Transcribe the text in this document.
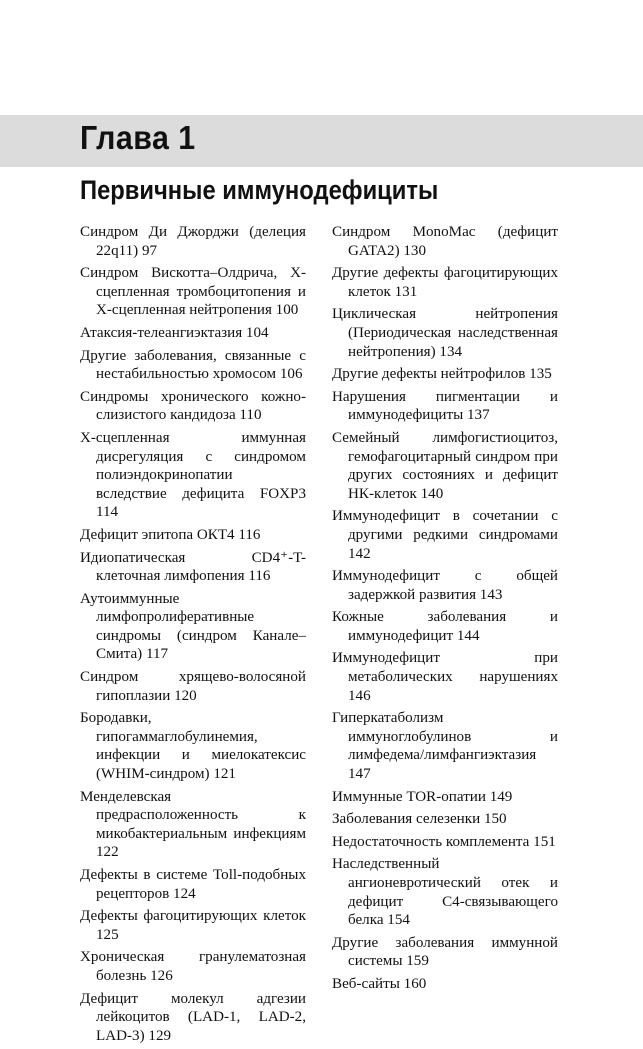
Глава 1
Первичные иммунодефициты

Синдром Ди Джорджи (делеция 22q11) 97

Синдром Вискотта–Олдрича, Х-сцепленная тромбоцитопения и Х-сцепленная нейтропения 100

Атаксия-телеангиэктазия 104

Другие заболевания, связанные с нестабильностью хромосом 106

Синдромы хронического кожно-слизистого кандидоза 110

Х-сцепленная иммунная дисрегуляция с синдромом полиэндокринопатии вследствие дефицита FOXP3 114

Дефицит эпитопа ОКТ4 116

Идиопатическая CD4⁺-T-клеточная лимфопения 116

Аутоиммунные лимфопролиферативные синдромы (синдром Канале–Смита) 117

Синдром хрящево-волосяной гипоплазии 120

Бородавки, гипогаммаглобулинемия, инфекции и миелокатексис (WHIM-синдром) 121

Менделевская предрасположенность к микобактериальным инфекциям 122

Дефекты в системе Toll-подобных рецепторов 124

Дефекты фагоцитирующих клеток 125

Хроническая гранулематозная болезнь 126

Дефицит молекул адгезии лейкоцитов (LAD-1, LAD-2, LAD-3) 129

Синдром MonoMac (дефицит GATA2) 130

Другие дефекты фагоцитирующих клеток 131

Циклическая нейтропения (Периодическая наследственная нейтропения) 134

Другие дефекты нейтрофилов 135

Нарушения пигментации и иммунодефициты 137

Семейный лимфогистиоцитоз, гемофагоцитарный синдром при других состояниях и дефицит НК-клеток 140

Иммунодефицит в сочетании с другими редкими синдромами 142

Иммунодефицит с общей задержкой развития 143

Кожные заболевания и иммунодефицит 144

Иммунодефицит при метаболических нарушениях 146

Гиперкатаболизм иммуноглобулинов и лимфедема/лимфангиэктазия 147

Иммунные TOR-опатии 149

Заболевания селезенки 150

Недостаточность комплемента 151

Наследственный ангионевротический отек и дефицит С4-связывающего белка 154

Другие заболевания иммунной системы 159

Веб-сайты 160
